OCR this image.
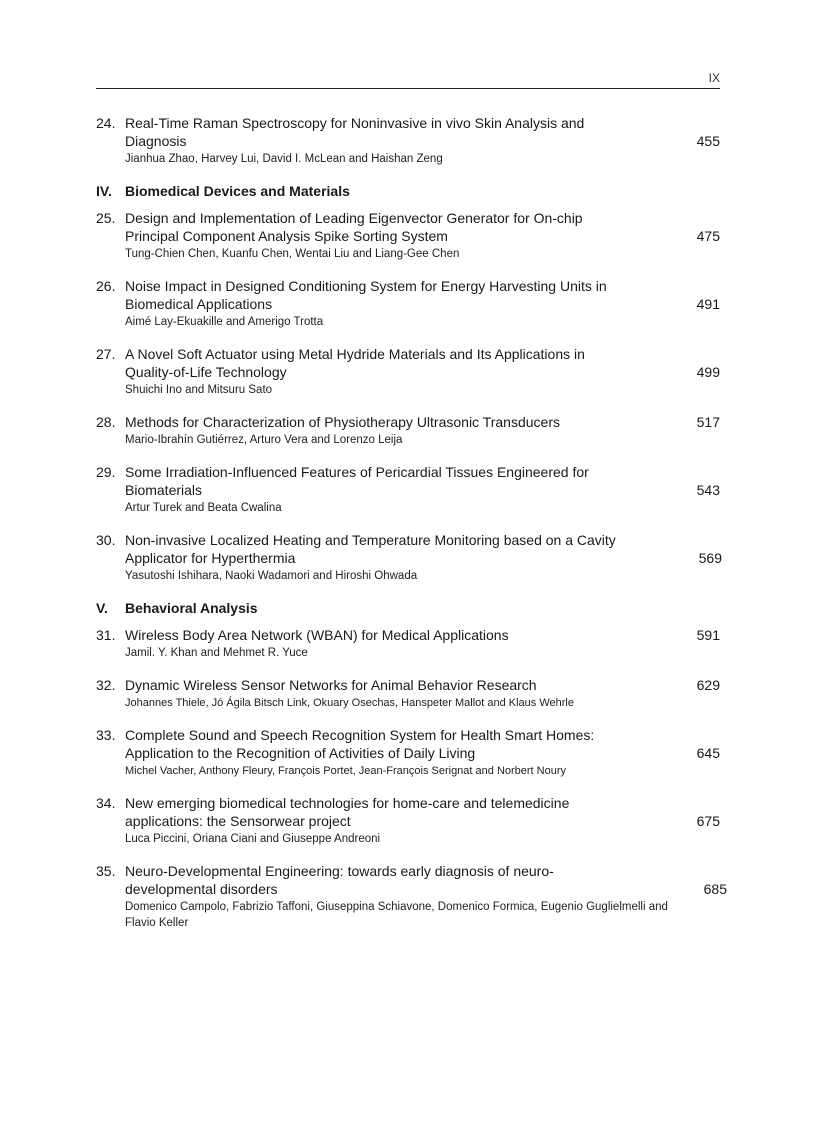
IX
24. Real-Time Raman Spectroscopy for Noninvasive in vivo Skin Analysis and Diagnosis
Jianhua Zhao, Harvey Lui, David I. McLean and Haishan Zeng
455
IV. Biomedical Devices and Materials
25. Design and Implementation of Leading Eigenvector Generator for On-chip Principal Component Analysis Spike Sorting System
Tung-Chien Chen, Kuanfu Chen, Wentai Liu and Liang-Gee Chen
475
26. Noise Impact in Designed Conditioning System for Energy Harvesting Units in Biomedical Applications
Aimé Lay-Ekuakille and Amerigo Trotta
491
27. A Novel Soft Actuator using Metal Hydride Materials and Its Applications in Quality-of-Life Technology
Shuichi Ino and Mitsuru Sato
499
28. Methods for Characterization of Physiotherapy Ultrasonic Transducers
Mario-Ibrahín Gutiérrez, Arturo Vera and Lorenzo Leija
517
29. Some Irradiation-Influenced Features of Pericardial Tissues Engineered for Biomaterials
Artur Turek and Beata Cwalina
543
30. Non-invasive Localized Heating and Temperature Monitoring based on a Cavity Applicator for Hyperthermia
Yasutoshi Ishihara, Naoki Wadamori and Hiroshi Ohwada
569
V.	Behavioral Analysis
31. Wireless Body Area Network (WBAN) for Medical Applications
Jamil. Y. Khan and Mehmet R. Yuce
591
32. Dynamic Wireless Sensor Networks for Animal Behavior Research
Johannes Thiele, Jó Ágila Bitsch Link, Okuary Osechas, Hanspeter Mallot and Klaus Wehrle
629
33. Complete Sound and Speech Recognition System for Health Smart Homes: Application to the Recognition of Activities of Daily Living
Michel Vacher, Anthony Fleury, François Portet, Jean-François Serignat and Norbert Noury
645
34. New emerging biomedical technologies for home-care and telemedicine applications: the Sensorwear project
Luca Piccini, Oriana Ciani and Giuseppe Andreoni
675
35. Neuro-Developmental Engineering: towards early diagnosis of neuro-developmental disorders
Domenico Campolo, Fabrizio Taffoni, Giuseppina Schiavone, Domenico Formica, Eugenio Guglielmelli and Flavio Keller
685
